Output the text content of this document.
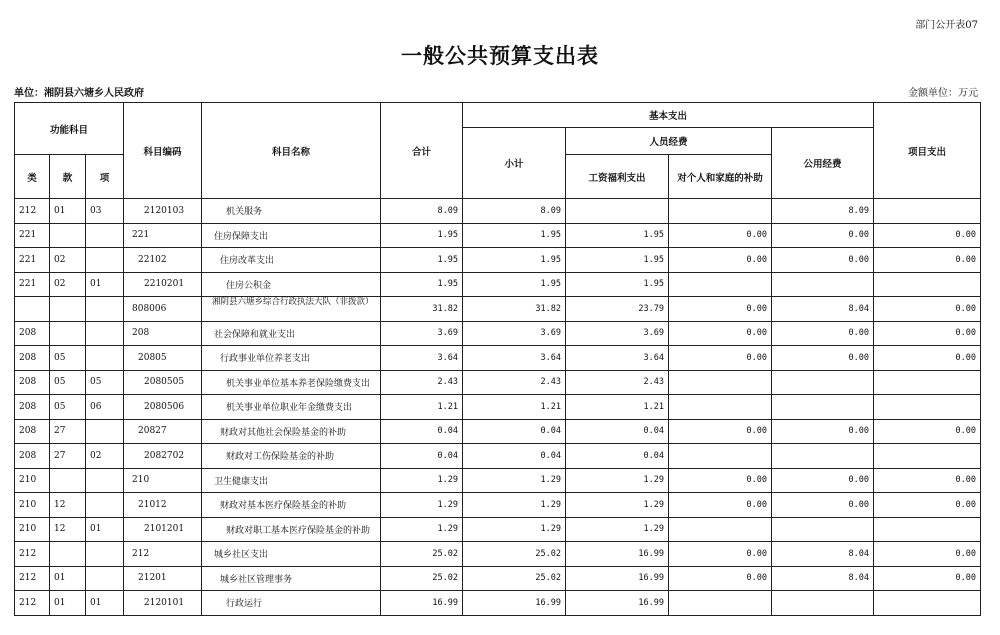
部门公开表07
一般公共预算支出表
单位：湘阴县六塘乡人民政府	金额单位：万元
功能科目			科目编码	科目名称	合计	基本支出				项目支出
						小计	人员经费		公用经费	
类	款	项					工资福利支出	对个人和家庭的补助		
212	01	03	2120103	机关服务	8.09	8.09			8.09	
221			221	住房保障支出	1.95	1.95	1.95	0.00	0.00	0.00
221	02		22102	住房改革支出	1.95	1.95	1.95	0.00	0.00	0.00
221	02	01	2210201	住房公积金	1.95	1.95	1.95			
			808006	湘阴县六塘乡综合行政执法大队（非拨款）	31.82	31.82	23.79	0.00	8.04	0.00
208			208	社会保障和就业支出	3.69	3.69	3.69	0.00	0.00	0.00
208	05		20805	行政事业单位养老支出	3.64	3.64	3.64	0.00	0.00	0.00
208	05	05	2080505	机关事业单位基本养老保险缴费支出	2.43	2.43	2.43			
208	05	06	2080506	机关事业单位职业年金缴费支出	1.21	1.21	1.21			
208	27		20827	财政对其他社会保险基金的补助	0.04	0.04	0.04	0.00	0.00	0.00
208	27	02	2082702	财政对工伤保险基金的补助	0.04	0.04	0.04			
210			210	卫生健康支出	1.29	1.29	1.29	0.00	0.00	0.00
210	12		21012	财政对基本医疗保险基金的补助	1.29	1.29	1.29	0.00	0.00	0.00
210	12	01	2101201	财政对职工基本医疗保险基金的补助	1.29	1.29	1.29			
212			212	城乡社区支出	25.02	25.02	16.99	0.00	8.04	0.00
212	01		21201	城乡社区管理事务	25.02	25.02	16.99	0.00	8.04	0.00
212	01	01	2120101	行政运行	16.99	16.99	16.99			
